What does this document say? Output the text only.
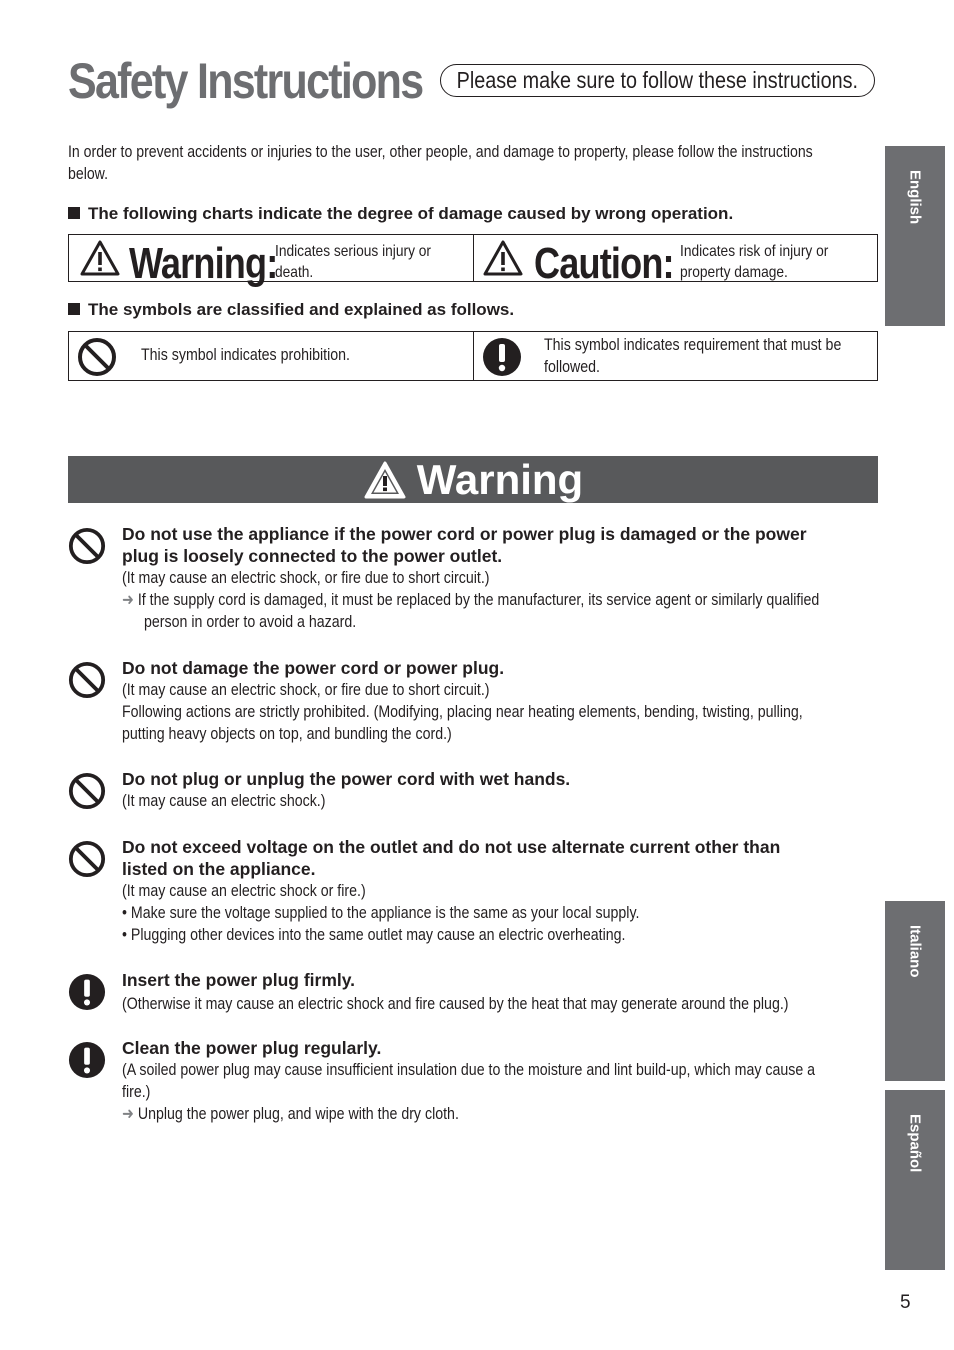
Safety Instructions Please make sure to follow these instructions.
In order to prevent accidents or injuries to the user, other people, and damage to property, please follow the instructions
below.
The following charts indicate the degree of damage caused by wrong operation.
Warning:
Indicates serious injury or
death.	Caution: Indicates risk of injury or
property damage.
The symbols are classified and explained as follows.
This symbol indicates prohibition.
This symbol indicates requirement that must be
followed.
Warning
Do not use the appliance if the power cord or power plug is damaged or the power
plug is loosely connected to the power outlet.
(It may cause an electric shock, or fire due to short circuit.)
➜ If the supply cord is damaged, it must be replaced by the manufacturer, its service agent or similarly qualified
person in order to avoid a hazard.
Do not damage the power cord or power plug.
(It may cause an electric shock, or fire due to short circuit.)
Following actions are strictly prohibited. (Modifying, placing near heating elements, bending, twisting, pulling,
putting heavy objects on top, and bundling the cord.)
Do not plug or unplug the power cord with wet hands.
(It may cause an electric shock.)
Do not exceed voltage on the outlet and do not use alternate current other than
listed on the appliance.
(It may cause an electric shock or fire.)
• Make sure the voltage supplied to the appliance is the same as your local supply.
• Plugging other devices into the same outlet may cause an electric overheating.
Insert the power plug firmly.
(Otherwise it may cause an electric shock and fire caused by the heat that may generate around the plug.)
Clean the power plug regularly.
(A soiled power plug may cause insufficient insulation due to the moisture and lint build-up, which may cause a
fire.)
➜ Unplug the power plug, and wipe with the dry cloth.
English
Italiano
Español
5
